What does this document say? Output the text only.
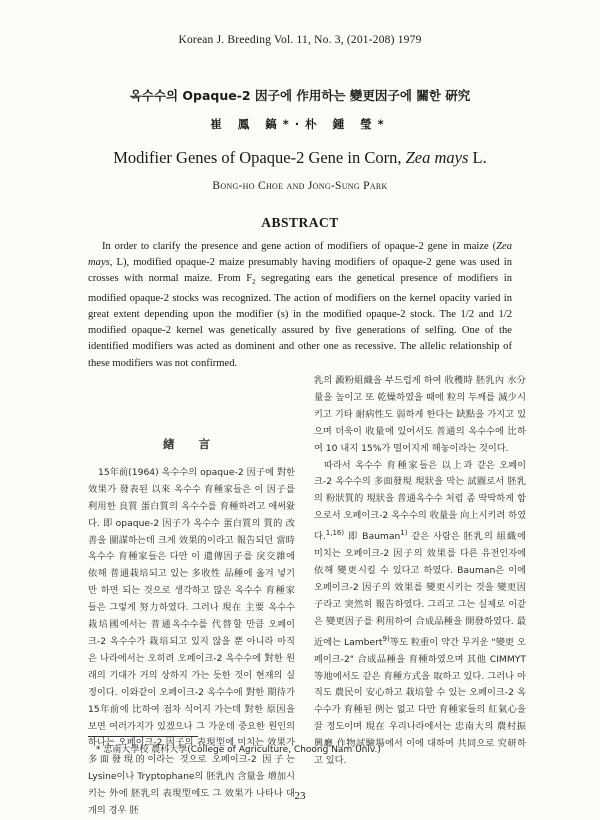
Korean J. Breeding Vol. 11, No. 3, (201-208) 1979
옥수수의 Opaque-2 因子에 作用하는 變更因子에 關한 硏究
崔 鳳 鎬*·朴 鍾 瑩*
Modifier Genes of Opaque-2 Gene in Corn, Zea mays L.
Bong-ho Choe and Jong-Sung Park
ABSTRACT
In order to clarify the presence and gene action of modifiers of opaque-2 gene in maize (Zea mays, L), modified opaque-2 maize presumably having modifiers of opaque-2 gene was used in crosses with normal maize. From $F_2$ segregating ears the genetical presence of modifiers in modified opaque-2 stocks was recognized. The action of modifiers on the kernel opacity varied in great extent depending upon the modifier (s) in the modified opaque-2 stock. The 1/2 and 1/2 modified opaque-2 kernel was genetically assured by five generations of selfing. One of the identified modifiers was acted as dominent and other one as recessive. The allelic relationship of these modifiers was not confirmed.
緖 言

15年前(1964) 옥수수의 opaque-2 因子에 對한 效果가 發表된 以來 옥수수 育種家들은 이 因子를 利用한 良質 蛋白質의 옥수수를 育種하려고 애써왔다. 即 opaque-2 因子가 옥수수 蛋白質의 質的 改善을 圖謀하는데 크게 效果的이라고 報告되던 當時 옥수수 育種家들은 다만 이 遺傳因子를 戾交雜에 依해 普通栽培되고 있는 多收性 品種에 옮겨 넣기만 하면 되는 것으로 생각하고 많은 옥수수 育種家들은 그렇게 努力하였다. 그러나 現在 主要 옥수수 栽培國에서는 普通옥수수를 代替할 만큼 오페이크-2 옥수수가 栽培되고 있지 않을 뿐 아니라 아직은 나라에서는 오히려 오페이크-2 옥수수에 對한 원래의 기대가 거의 상하지 가는 듯한 것이 현재의 실정이다. 이와같이 오페이크-2 옥수수에 對한 期待가 15年前에 比하여 점차 식어지 가는데 對한 原因을 보면 여러가지가 있겠으나 그 가운데 중요한 원인의 하나는 오페이크-2 因子의 表現型에 미치는 效果가 多面發現的이라는 것으로 오페이크-2 因子는 Lysine이나 Tryptophane의 胚乳內 含量을 增加시키는 外에 胚乳의 表現型에도 그 效果가 나타나 대개의 경우 胚

乳의 澱粉組織을 부드럽게 하여 收穫時 胚乳內 水分量을 높이고 또 乾燥하였을 때에 粒의 두께를 減少시키고 기타 耐病性도 弱하게 한다는 缺點을 가지고 있으며 더욱이 收量에 있어서도 普通의 옥수수에 比하여 10 내지 15%가 떨어지게 해놓이라는 것이다.

따라서 옥수수 育種家들은 以上과 같은 오페이크-2 옥수수의 多面發現 現狀을 막는 試圖로서 胚乳의 粉狀質的 現狀을 普通옥수수 처럼 좀 딱딱하게 함으로서 오페이크-2 옥수수의 收量을 向上시키려 하였다.$^{1,16)}$ 即 Bauman$^{1)}$ 같은 사람은 胚乳의 組織에 미치는 오페이크-2 因子의 效果를 다른 유전인자에 依해 變更시킬 수 있다고 하였다. Bauman은 이에 오페이크-2 因子의 效果를 變更시키는 것을 變更因子라고 突然히 報告하였다. 그리고 그는 실제로 이같은 變更因子를 利用하여 合成品種을 開發하였다. 最近에는 Lambert$^{9)}$等도 粒重이 약간 무거운 "變更 오페이크-2" 合成品種을 育種하였으며 其他 CIMMYT等地에서도 같은 育種方式을 取하고 있다. 그러나 아직도 農民이 安心하고 栽培할 수 있는 오페이크-2 옥수수가 育種된 例는 없고 다만 育種家들의 紅氣心을 끌 정도이며 現在 우리나라에서는 忠南大의 農村振興廳 作物試驗場에서 이에 대하여 共同으로 究研하고 있다.

* 忠南大學校 農科大學(College of Agriculture, Choong Nam Univ.)
23
